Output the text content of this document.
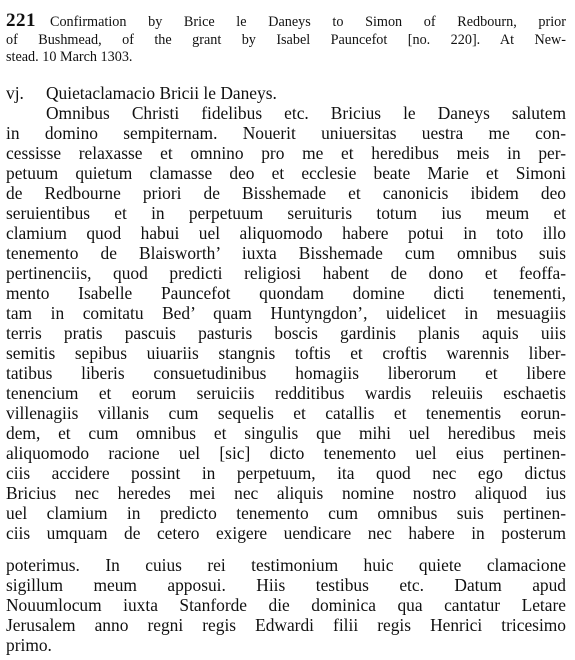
221 Confirmation by Brice le Daneys to Simon of Redbourn, prior
of Bushmead, of the grant by Isabel Pauncefot [no. 220]. At New-
stead. 10 March 1303.
vj. Quietaclamacio Bricii le Daneys.
Omnibus Christi fidelibus etc. Bricius le Daneys salutem
in domino sempiternam. Nouerit uniuersitas uestra me con-
cessisse relaxasse et omnino pro me et heredibus meis in per-
petuum quietum clamasse deo et ecclesie beate Marie et Simoni
de Redbourne priori de Bisshemade et canonicis ibidem deo
seruientibus et in perpetuum seruituris totum ius meum et
clamium quod habui uel aliquomodo habere potui in toto illo
tenemento de Blaisworth’ iuxta Bisshemade cum omnibus suis
pertinenciis, quod predicti religiosi habent de dono et feoffa-
mento Isabelle Pauncefot quondam domine dicti tenementi,
tam in comitatu Bed’ quam Huntyngdon’, uidelicet in mesuagiis
terris pratis pascuis pasturis boscis gardinis planis aquis uiis
semitis sepibus uiuariis stangnis toftis et croftis warennis liber-
tatibus liberis consuetudinibus homagiis liberorum et libere
tenencium et eorum seruiciis redditibus wardis releuiis eschaetis
villenagiis villanis cum sequelis et catallis et tenementis eorun-
dem, et cum omnibus et singulis que mihi uel heredibus meis
aliquomodo racione uel [sic] dicto tenemento uel eius pertinen-
ciis accidere possint in perpetuum, ita quod nec ego dictus
Bricius nec heredes mei nec aliquis nomine nostro aliquod ius
uel clamium in predicto tenemento cum omnibus suis pertinen-
ciis umquam de cetero exigere uendicare nec habere in posterum
poterimus. In cuius rei testimonium huic quiete clamacione
sigillum meum apposui. Hiis testibus etc. Datum apud
Nouumlocum iuxta Stanforde die dominica qua cantatur Letare
Jerusalem anno regni regis Edwardi filii regis Henrici tricesimo
primo.
